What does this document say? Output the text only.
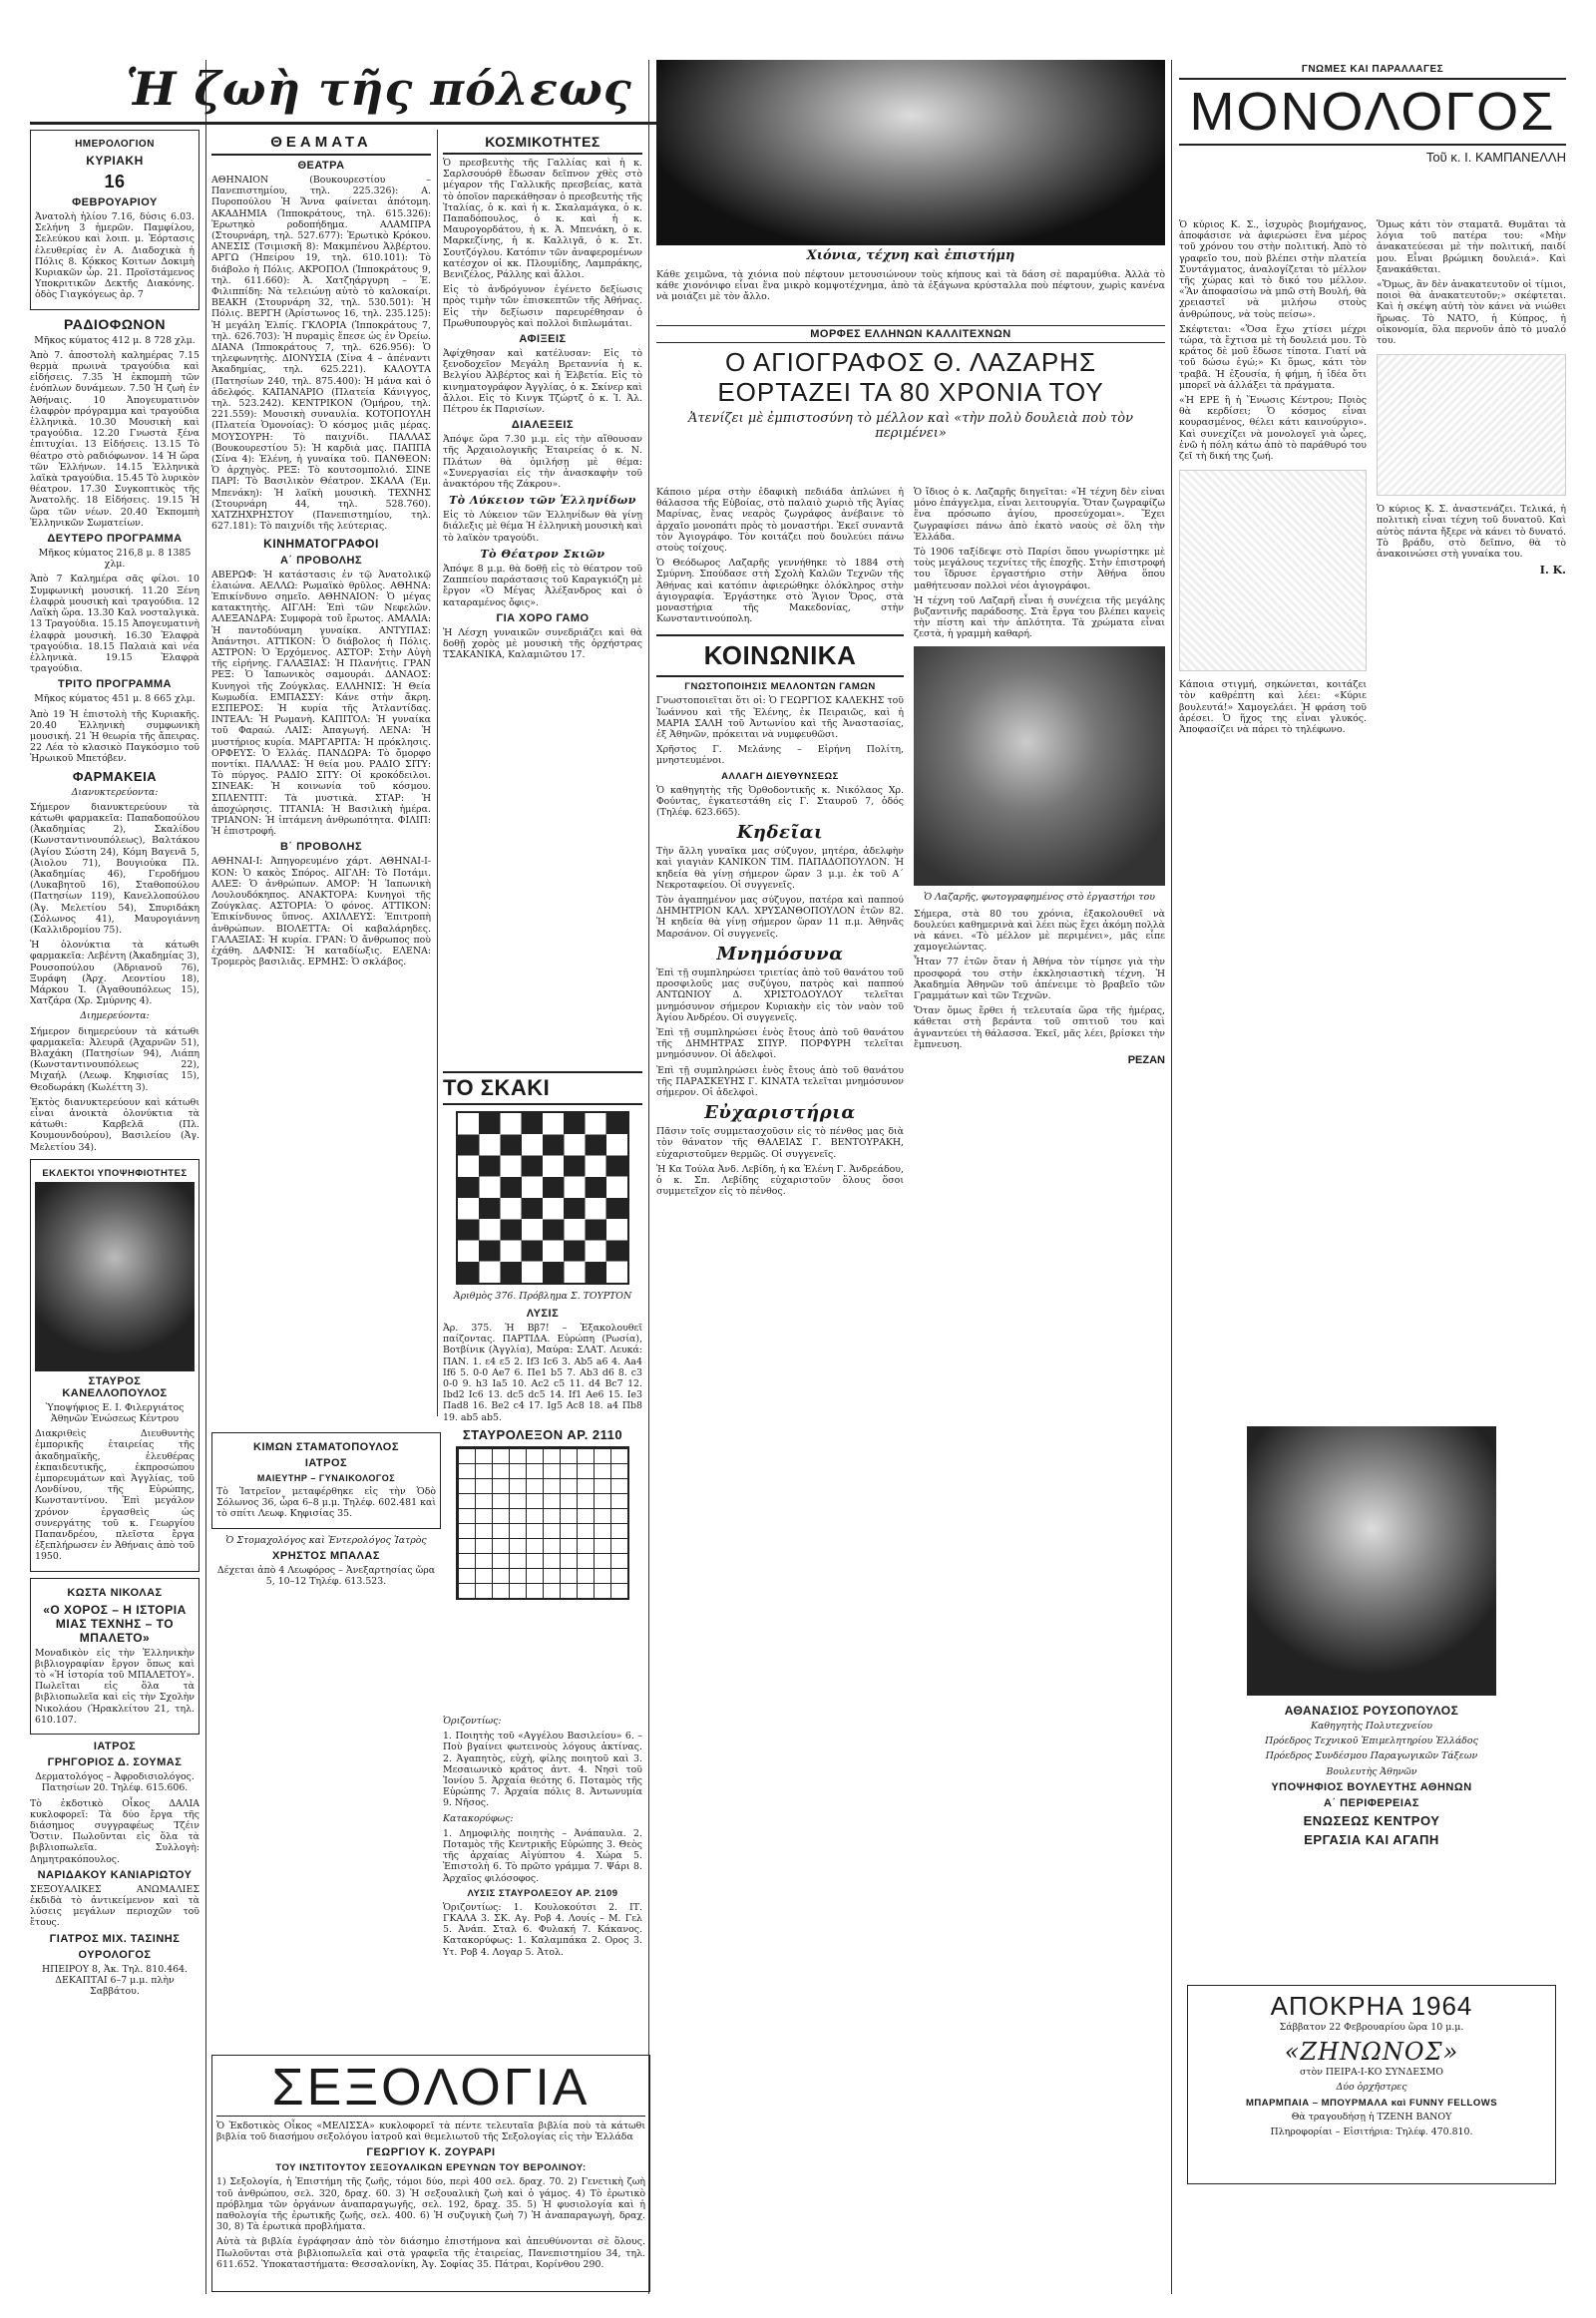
ΗΜΕΡΟΛΟΓΙΟΝ
ΚΥΡΙΑΚΗ
16
ΦΕΒΡΟΥΑΡΙΟΥ

Ἀνατολὴ ἡλίου 7.16, δύσις 6.03. Σελήνη 3 ἡμερῶν. Παμφίλου, Σελεύκου καὶ λοιπ. μ. Ἑόρτασις ἐλευθερίας ἐν Α. Διαδοχικὰ ἡ Πόλις 8. Κόκκος Κοιτων Δοκιμὴ Κυριακῶν ὦρ. 21. Προϊστάμενος Υποκριτικῶν Δεκτῆς Διακόνης. ὁδὸς Γιαγκόγεως ἀρ. 7

ΡΑΔΙΟΦΩΝΟΝ
Μῆκος κύματος 412 μ. 8 728 χλμ.

Ἀπὸ 7. ἀποστολὴ καλημέρας 7.15 θερμὰ πρωινὰ τραγούδια καὶ εἰδήσεις. 7.35 Ἡ ἐκπομπὴ τῶν ἐνόπλων δυνάμεων. 7.50 Ἡ ζωὴ ἐν Ἀθήναις. 10 Ἀπογευματινὸν ἐλαφρὸν πρόγραμμα καὶ τραγούδια ἑλληνικὰ. 10.30 Μουσικὴ καὶ τραγούδια. 12.20 Γνωστὰ ξένα ἐπιτυχίαι. 13 Εἰδήσεις. 13.15 Τὸ θέατρο στὸ ραδιόφωνον. 14 Ἡ ὥρα τῶν Ἑλλήνων. 14.15 Ἐλληνικὰ λαϊκὰ τραγούδια. 15.45 Τὸ λυρικὸν θέατρον. 17.30 Συγκοπτικὸς τῆς Ἀνατολῆς. 18 Εἰδήσεις. 19.15 Ἡ ὥρα τῶν νέων. 20.40 Ἐκπομπὴ Ἐλληνικῶν Σωματείων.

ΔΕΥΤΕΡΟ ΠΡΟΓΡΑΜΜΑ
Μῆκος κύματος 216,8 μ. 8 1385 χλμ.

Ἀπὸ 7 Καλημέρα σᾶς φίλοι. 10 Συμφωνικὴ μουσική. 11.20 Ξένη ἐλαφρὰ μουσικὴ καὶ τραγούδια. 12 Λαϊκὴ ὥρα. 13.30 Καλ νοσταλγικὰ. 13 Τραγούδια. 15.15 Ἀπογευματινὴ ἐλαφρὰ μουσικὴ. 16.30 Ἐλαφρὰ τραγούδια. 18.15 Παλαιὰ καὶ νέα ἑλληνικὰ. 19.15 Ἐλαφρὰ τραγούδια.

ΤΡΙΤΟ ΠΡΟΓΡΑΜΜΑ
Μῆκος κύματος 451 μ. 8 665 χλμ.

Ἀπὸ 19 Ἡ ἐπιστολὴ τῆς Κυριακῆς. 20.40 Ἑλληνικὴ συμφωνικὴ μουσική. 21 Ἡ θεωρία τῆς ἄπειρας. 22 Λέα τὸ κλασικὸ Παγκόσμιο τοῦ Ἡρωικοῦ Μπετόβεν.

ΦΑΡΜΑΚΕΙΑ
Διανυκτερεύοντα:

Σήμερον διανυκτερεύουν τὰ κάτωθι φαρμακεῖα: Παπαδοπούλου (Ἀκαδημίας 2), Σκαλίδου (Κωνσταντινουπόλεως), Βαλτάκου (Ἀγίου Σώστη 24), Κόμη Βαγενᾶ 5, (Ἀιολου 71), Βουγιούκα Πλ. (Ἀκαδημίας 46), Γεροδήμου (Λυκαβητοῦ 16), Σταθοπούλου (Πατησίων 119), Κανελλοπούλου (Ἀγ. Μελετίου 54), Σπυριδάκη (Σόλωνος 41), Μαυρογιάννη (Καλλιδρομίου 75).

Ἡ ὁλονύκτια τὰ κάτωθι φαρμακεῖα: Λεβέντη (Ἀκαδημίας 3), Ρουσοπούλου (Ἀδριανοῦ 76), Ξυράφη (Ἀρχ. Λεοντίου 18), Μάρκου Ἰ. (Ἀγαθουπόλεως 15), Χατζάρα (Χρ. Σμύρνης 4).

Διημερεύοντα:

Σήμερον διημερεύουν τὰ κάτωθι φαρμακεῖα: Ἀλευρᾶ (Ἀχαρνῶν 51), Βλαχάκη (Πατησίων 94), Λιάπη (Κωνσταντινουπόλεως 22), Μιχαήλ (Λεωφ. Κηφισίας 15), Θεοδωράκη (Κωλέττη 3).

Ἐκτὸς διανυκτερεύουν καὶ κάτωθι εἶναι ἀνοικτὰ ὁλονύκτια τὰ κάτωθι: Καρβελᾶ (Πλ. Κουμουνδούρου), Βασιλείου (Ἀγ. Μελετίου 34).

ΕΚΛΕΚΤΟΙ ΥΠΟΨΗΦΙΟΤΗΤΕΣ
ΣΤΑΥΡΟΣ ΚΑΝΕΛΛΟΠΟΥΛΟΣ
Ὑποψήφιος Ε. Ι. Φιλεργιάτος Ἀθηνῶν Ἐνώσεως Κέντρου

Διακριθεὶς Διευθυντὴς ἐμπορικῆς ἑταιρείας τῆς ἀκαδημαϊκῆς, ἐλευθέρας ἐκπαιδευτικῆς, ἐκπροσώπου ἐμπορευμάτων καὶ Ἀγγλίας, τοῦ Λονδίνου, τῆς Εὐρώπης, Κωνσταντίνου. Ἐπὶ μεγάλον χρόνον ἐργασθεὶς ὡς συνεργάτης τοῦ κ. Γεωργίου Παπανδρέου, πλεῖστα ἔργα ἐξεπλήρωσεν ἐν Ἀθήναις ἀπὸ τοῦ 1950.

ΚΩΣΤΑ ΝΙΚΟΛΑΣ
«Ο ΧΟΡΟΣ – Η ΙΣΤΟΡΙΑ ΜΙΑΣ ΤΕΧΝΗΣ – ΤΟ ΜΠΑΛΕΤΟ»

Μοναδικὸν εἰς τὴν Ἑλληνικὴν βιβλιογραφίαν ἔργον ὅπως καὶ τὸ «Ἡ ἱστορία τοῦ ΜΠΑΛΕΤΟΥ». Πωλεῖται εἰς ὅλα τὰ βιβλιοπωλεῖα καὶ εἰς τὴν Σχολὴν Νικολάου (Ἡρακλείτου 21, τηλ. 610.107.

ΙΑΤΡΟΣ
ΓΡΗΓΟΡΙΟΣ Δ. ΣΟΥΜΑΣ

Δερματολόγος – Ἀφροδισιολόγος. Πατησίων 20. Τηλέφ. 615.606.

Τὸ ἐκδοτικὸ Οἶκος ΔΑΛΙΑ κυκλοφορεῖ: Τὰ δύο ἔργα τῆς διάσημος συγγραφέως Τζέιν Ὄστιν. Πωλοῦνται εἰς ὅλα τὰ βιβλιοπωλεῖα. Συλλογὴ: Δημητρακόπουλος.

ΝΑΡΙΔΑΚΟΥ ΚΑΝΙΑΡΙΩΤΟΥ

ΣΕΞΟΥΑΛΙΚΕΣ ΑΝΩΜΑΛΙΕΣ ἐκδιδὰ τὸ ἀντικείμενον καὶ τὰ λύσεις μεγάλων περιοχῶν τοῦ ἔτους.

ΓΙΑΤΡΟΣ ΜΙΧ. ΤΑΣΙΝΗΣ
ΟΥΡΟΛΟΓΟΣ

ΗΠΕΙΡΟΥ 8, Ἀκ. Τηλ. 810.464. ΔΕΚΑΠΤΑΙ 6–7 μ.μ. πλὴν Σαββάτου.

Ἡ ζωὴ τῆς πόλεως
ΘΕΑΜΑΤΑ
ΘΕΑΤΡΑ

ΑΘΗΝΑΙΟΝ (Βουκουρεστίου – Πανεπιστημίου, τηλ. 225.326): Α. Πυροπούλου Ἡ Ἄννα φαίνεται ἀπότομη. ΑΚΑΔΗΜΙΑ (Ἱπποκράτους, τηλ. 615.326): Ἐρωτηκὸ ροδοπήδημα. ΑΛΑΜΠΡΑ (Στουρνάρη, τηλ. 527.677): Ἐρωτικὸ Κρόκου. ΑΝΕΣΙΣ (Τσιμισκῆ 8): Μακμπένου Ἀλβέρτου. ΑΡΓΩ (Ἠπείρου 19, τηλ. 610.101): Τὸ διάβολο ἡ Πόλις. ΑΚΡΟΠΟΛ (Ἱπποκράτους 9, τηλ. 611.660): Ἀ. Χατζηάργυρη – Ἐ. Φιλιππίδη: Νὰ τελειώνῃ αὐτὸ τὸ καλοκαίρι. ΒΕΑΚΗ (Στουρνάρη 32, τηλ. 530.501): Ἡ Πόλις. ΒΕΡΓΗ (Ἀρίστωνος 16, τηλ. 235.125): Ἡ μεγάλη Ἐλπίς. ΓΚΛΟΡΙΑ (Ἱπποκράτους 7, τηλ. 626.703): Ἡ πυραμὶς ἔπεσε ὡς ἐν Ὀρείω. ΔΙΑΝΑ (Ἱπποκράτους 7, τηλ. 626.956): Ὁ τηλεφωνητὴς. ΔΙΟΝΥΣΙΑ (Σίνα 4 – ἀπέναντι Ἀκαδημίας, τηλ. 625.221). ΚΑΛΟΥΤΑ (Πατησίων 240, τηλ. 875.400): Ἡ μάνα καὶ ὁ ἀδελφός. ΚΑΠΑΝΑΡΙΟ (Πλατεία Κάνιγγος, τηλ. 523.242). ΚΕΝΤΡΙΚΟΝ (Ὁμήρου, τηλ. 221.559): Μουσικὴ συναυλία. ΚΟΤΟΠΟΥΛΗ (Πλατεία Ὁμονοίας): Ὁ κόσμος μιᾶς μέρας. ΜΟΥΣΟΥΡΗ: Τὸ παιχνίδι. ΠΑΛΛΑΣ (Βουκουρεστίου 5): Ἡ καρδιὰ μας. ΠΑΠΠΑ (Σίνα 4): Ἑλένη, ἡ γυναίκα τοῦ. ΠΑΝΘΕΟΝ: Ὁ ἀρχηγὸς. ΡΕΞ: Τὸ κουτσομπολιό. ΣΙΝΕ ΠΑΡΙ: Τὸ Βασιλικὸν Θέατρον. ΣΚΑΛΑ (Ἐμ. Μπενάκη): Ἡ λαϊκὴ μουσικὴ. ΤΕΧΝΗΣ (Στουρνάρη 44, τηλ. 528.760). ΧΑΤΖΗΧΡΗΣΤΟΥ (Πανεπιστημίου, τηλ. 627.181): Τὸ παιχνίδι τῆς λεύτεριας.

ΚΙΝΗΜΑΤΟΓΡΑΦΟΙ
Α΄ ΠΡΟΒΟΛΗΣ

ΑΒΕΡΩΦ: Ἡ κατάστασις ἐν τῷ Ἀνατολικῷ ἐλαιώνα. ΑΕΛΛΩ: Ρωμαϊκὸ θρῦλος. ΑΘΗΝΑ: Ἐπικίνδυνο σημεῖο. ΑΘΗΝΑΙΟΝ: Ὁ μέγας κατακτητὴς. ΑΙΓΛΗ: Ἐπὶ τῶν Νεφελῶν. ΑΛΕΞΑΝΔΡΑ: Συμφορὰ τοῦ ἔρωτος. ΑΜΑΛΙΑ: Ἡ παντοδύναμη γυναίκα. ΑΝΤΥΠΑΣ: Ἀπάντησι. ΑΤΤΙΚΟΝ: Ὁ διάβολος ἡ Πόλις. ΑΣΤΡΟΝ: Ὁ Ἐρχόμενος. ΑΣΤΟΡ: Στὴν Αὐγὴ τῆς εἰρήνης. ΓΑΛΑΞΙΑΣ: Ἡ Πλανήτις. ΓΡΑΝ ΡΕΞ: Ὁ Ἰαπωνικὸς σαμουράι. ΔΑΝΑΟΣ: Κυνηγοὶ τῆς Ζούγκλας. ΕΛΛΗΝΙΣ: Ἡ Θεία Κωμωδία. ΕΜΠΑΣΣΥ: Κάνε στὴν ἄκρη. ΕΣΠΕΡΟΣ: Ἡ κυρία τῆς Ἀτλαντίδας. ΙΝΤΕΑΛ: Ἡ Ρωμανὴ. ΚΑΠΙΤΟΛ: Ἡ γυναίκα τοῦ Φαραώ. ΛΑΙΣ: Ἀπαγωγή. ΛΕΝΑ: Ἡ μυστήριος κυρία. ΜΑΡΓΑΡΙΤΑ: Ἡ πρόκλησις. ΟΡΦΕΥΣ: Ὁ Ἑλλάς. ΠΑΝΔΩΡΑ: Τὸ ὄμορφο ποντίκι. ΠΑΛΛΑΣ: Ἡ θεία μου. ΡΑΔΙΟ ΣΙΤΥ: Τὸ πύργος. ΡΑΔΙΟ ΣΙΤΥ: Οἱ κροκόδειλοι. ΣΙΝΕΑΚ: Ἡ κοινωνία τοῦ κόσμου. ΣΠΛΕΝΤΙΤ: Τὰ μυστικὰ. ΣΤΑΡ: Ἡ ἀποχώρησις. ΤΙΤΑΝΙΑ: Ἡ Βασιλικὴ ἡμέρα. ΤΡΙΑΝΟΝ: Ἡ ἰπτάμενη ἀνθρωπότητα. ΦΙΛΙΠ: Ἡ ἐπιστροφή.

Β΄ ΠΡΟΒΟΛΗΣ

ΑΘΗΝΑΙ-Ι: Ἀπηγορευμένο χάρτ. ΑΘΗΝΑΙ-Ι-ΚΟΝ: Ὁ κακὸς Σπόρος. ΑΙΓΛΗ: Τὸ Ποτάμι. ΑΛΕΞ: Ὁ ἀνθρώπων. ΑΜΟΡ: Ἡ Ἰαπωνικὴ Λουλουδόκηπος. ΑΝΑΚΤΟΡΑ: Κυνηγοὶ τῆς Ζούγκλας. ΑΣΤΟΡΙΑ: Ὁ φόνος. ΑΤΤΙΚΟΝ: Ἐπικίνδυνος ὕπνος. ΑΧΙΛΛΕΥΣ: Ἐπιτροπὴ ἀνθρώπων. ΒΙΟΛΕΤΤΑ: Οἱ καβαλάρηδες. ΓΑΛΑΞΙΑΣ: Ἡ κυρία. ΓΡΑΝ: Ὁ ἄνθρωπος ποὺ ἐχάθη. ΔΑΦΝΙΣ: Ἡ καταδίωξις. ΕΛΕΝΑ: Τρομερὸς βασιλιᾶς. ΕΡΜΗΣ: Ὁ σκλάβος.

ΚΟΣΜΙΚΟΤΗΤΕΣ

Ὁ πρεσβευτὴς τῆς Γαλλίας καὶ ἡ κ. Σαρλσουόρθ ἔδωσαν δεῖπνον χθὲς στὸ μέγαρον τῆς Γαλλικῆς πρεσβείας, κατὰ τὸ ὁποῖον παρεκάθησαν ὁ πρεσβευτὴς τῆς Ἰταλίας, ὁ κ. καὶ ἡ κ. Σκαλαμάγκα, ὁ κ. Παπαδόπουλος, ὁ κ. καὶ ἡ κ. Μαυρογορδάτου, ἡ κ. Ἀ. Μπενάκη, ὁ κ. Μαρκεζίνης, ἡ κ. Καλλιγᾶ, ὁ κ. Στ. Σουτζόγλου. Κατόπιν τῶν ἀναφερομένων κατέσχον οἱ κκ. Πλουμίδης, Λαμπράκης, Βενιζέλος, Ράλλης καὶ ἄλλοι.

Εἰς τὸ ἀνδρόγυνον ἐγένετο δεξίωσις πρὸς τιμὴν τῶν ἐπισκεπτῶν τῆς Ἀθήνας. Εἰς τὴν δεξίωσιν παρευρέθησαν ὁ Πρωθυπουργὸς καὶ πολλοὶ διπλωμάται.

ΑΦΙΞΕΙΣ

Ἀφίχθησαν καὶ κατέλυσαν: Εἰς τὸ ξενοδοχεῖον Μεγάλη Βρεταννία ἡ κ. Βελγίου Ἀλβέρτος καὶ ἡ Ἑλβετία. Εἰς τὸ κινηματογράφον Ἀγγλίας, ὁ κ. Σκίνερ καὶ ἄλλοι. Εἰς τὸ Κινγκ Τζώρτζ ὁ κ. Ἰ. Ἀλ. Πέτρου ἐκ Παρισίων.

ΔΙΑΛΕΞΕΙΣ

Ἀπόψε ὥρα 7.30 μ.μ. εἰς τὴν αἴθουσαν τῆς Ἀρχαιολογικῆς Ἑταιρείας ὁ κ. Ν. Πλάτων θὰ ὁμιλήσῃ μὲ θέμα: «Συνεργασίαι εἰς τὴν ἀνασκαφὴν τοῦ ἀνακτόρου τῆς Ζάκρου».

Τὸ Λύκειον τῶν Ἑλληνίδων

Εἰς τὸ Λύκειον τῶν Ἑλληνίδων θὰ γίνῃ διάλεξις μὲ θέμα Ἡ ἑλληνικὴ μουσικὴ καὶ τὸ λαϊκὸν τραγούδι.

Τὸ Θέατρον Σκιῶν

Ἀπόψε 8 μ.μ. θὰ δοθῇ εἰς τὸ θέατρον τοῦ Ζαππείου παράστασις τοῦ Καραγκιόζη μὲ ἔργον «Ὁ Μέγας Ἀλέξανδρος καὶ ὁ καταραμένος ὄφις».

ΓΙΑ ΧΟΡΟ ΓΑΜΟ

Ἡ Λέσχη γυναικῶν συνεδριάζει καὶ θὰ δοθῇ χορὸς μὲ μουσικὴ τῆς ὀρχήστρας ΤΣΑΚΑΝΙΚΑ, Καλαμιῶτου 17.

ΤΟ ΣΚΑΚΙ
Ἀριθμὸς 376. Πρόβλημα Σ. ΤΟΥΡΤΟΝ
ΛΥΣΙΣ

Ἀρ. 375. Ἡ Ββ7! – Ἐξακολουθεῖ παίζοντας. ΠΑΡΤΙΔΑ. Εὐρώπη (Ρωσία), Βοτβίνικ (Ἀγγλία), Μαύρα: ΣΛΑΤ. Λευκά: ΠΑΝ. 1. ε4 ε5 2. Ιf3 Ιc6 3. Αb5 a6 4. Αa4 Ιf6 5. 0-0 Αe7 6. Πe1 b5 7. Αb3 d6 8. c3 0-0 9. h3 Ιa5 10. Αc2 c5 11. d4 Βc7 12. Ιbd2 Ιc6 13. dc5 dc5 14. Ιf1 Αe6 15. Ιe3 Πad8 16. Βe2 c4 17. Ιg5 Αc8 18. a4 Πb8 19. ab5 ab5.

ΣΤΑΥΡΟΛΕΞΟΝ ΑΡ. 2110
Ὁριζοντίως:

1. Ποιητὴς τοῦ «Αγγέλου Βασιλείου» 6. – Ποὺ βγαίνει φωτεινοὺς λόγους ἀκτίνας. 2. Ἀγαπητὸς, εὐχὴ, φίλης ποιητοῦ καὶ 3. Μεσαιωνικὸ κράτος ἀντ. 4. Νησὶ τοῦ Ἰονίου 5. Ἀρχαία θεότης 6. Ποταμὸς τῆς Εὐρώπης 7. Ἀρχαία πόλις 8. Ἀντωνυμία 9. Νῆσος.

Κατακορύφως:

1. Δημοφιλὴς ποιητὴς – Ἀνάπαυλα. 2. Ποταμὸς τῆς Κεντρικῆς Εὐρώπης 3. Θεὸς τῆς ἀρχαίας Αἰγύπτου 4. Χώρα 5. Ἐπιστολὴ 6. Τὸ πρῶτο γράμμα 7. Ψάρι 8. Ἀρχαῖος φιλόσοφος.

ΛΥΣΙΣ ΣΤΑΥΡΟΛΕΞΟΥ ΑΡ. 2109

Ὁριζοντίως: 1. Κουλοκούτσι 2. ΙΤ. ΓΚΑΛΑ 3. ΣΚ. Αγ. Ροβ 4. Λουίς – Μ. Γελ 5. Ἀνάπ. Σταλ 6. Φυλακή 7. Κάκανος. Κατακορύφως: 1. Καλαμπάκα 2. Ορος 3. Υτ. Ροβ 4. Λογαρ 5. Ἀτολ.

ΚΙΜΩΝ ΣΤΑΜΑΤΟΠΟΥΛΟΣ
ΙΑΤΡΟΣ
ΜΑΙΕΥΤΗΡ – ΓΥΝΑΙΚΟΛΟΓΟΣ

Τὸ Ἰατρεῖον μεταφέρθηκε εἰς τὴν Ὁδὸ Σόλωνος 36, ὧρα 6–8 μ.μ. Τηλέφ. 602.481 καὶ τὸ σπίτι Λεωφ. Κηφισίας 35.

Ὁ Στομαχολόγος καὶ Ἐντερολόγος Ἰατρὸς
ΧΡΗΣΤΟΣ ΜΠΑΛΑΣ

Δέχεται ἀπὸ 4 Λεωφόρος – Ἀνεξαρτησίας ὥρα 5, 10–12 Τηλέφ. 613.523.

ΣΕΞΟΛΟΓΙΑ

Ὁ Ἐκδοτικὸς Οἶκος «ΜΕΛΙΣΣΑ» κυκλοφορεῖ τὰ πέντε τελευταῖα βιβλία ποὺ τὰ κάτωθι βιβλία τοῦ διασήμου σεξολόγου ἰατροῦ καὶ θεμελιωτοῦ τῆς Σεξολογίας εἰς τὴν Ἑλλάδα

ΓΕΩΡΓΙΟΥ Κ. ΖΟΥΡΑΡΙ
ΤΟΥ ΙΝΣΤΙΤΟΥΤΟΥ ΣΕΞΟΥΑΛΙΚΩΝ ΕΡΕΥΝΩΝ ΤΟΥ ΒΕΡΟΛΙΝΟΥ:

1) Σεξολογία, ἡ Ἐπιστήμη τῆς ζωῆς, τόμοι δύο, περὶ 400 σελ. δραχ. 70. 2) Γενετικὴ ζωὴ τοῦ ἀνθρώπου, σελ. 320, δραχ. 60. 3) Ἡ σεξουαλικὴ ζωὴ καὶ ὁ γάμος. 4) Τὸ ἐρωτικὸ πρόβλημα τῶν ὀργάνων ἀναπαραγωγῆς, σελ. 192, δραχ. 35. 5) Ἡ φυσιολογία καὶ ἡ παθολογία τῆς ἐρωτικῆς ζωῆς, σελ. 400. 6) Ἡ συζυγικὴ ζωὴ 7) Ἡ ἀναπαραγωγὴ, δραχ. 30, 8) Τὰ ἐρωτικὰ προβλήματα.

Αὐτὰ τὰ βιβλία ἐγράφησαν ἀπὸ τὸν διάσημο ἐπιστήμονα καὶ ἀπευθύνονται σὲ ὅλους. Πωλοῦνται στὰ βιβλιοπωλεῖα καὶ στὰ γραφεῖα τῆς ἑταιρείας, Πανεπιστημίου 34, τηλ. 611.652. Ὑποκαταστήματα: Θεσσαλονίκη, Ἀγ. Σοφίας 35. Πάτραι, Κορίνθου 290.

Χιόνια, τέχνη καὶ ἐπιστήμη

Κάθε χειμῶνα, τὰ χιόνια ποὺ πέφτουν μετουσιώνουν τοὺς κήπους καὶ τὰ δάση σὲ παραμύθια. Ἀλλὰ τὸ κάθε χιονόνιφο εἶναι ἕνα μικρὸ κομψοτέχνημα, ἀπὸ τὰ ἑξάγωνα κρύσταλλα ποὺ πέφτουν, χωρὶς κανένα νὰ μοιάζει μὲ τὸν ἄλλο.

ΜΟΡΦΕΣ ΕΛΛΗΝΩΝ ΚΑΛΛΙΤΕΧΝΩΝ
Ο ΑΓΙΟΓΡΑΦΟΣ Θ. ΛΑΖΑΡΗΣ ΕΟΡΤΑΖΕΙ ΤΑ 80 ΧΡΟΝΙΑ ΤΟΥ
Ἀτενίζει μὲ ἐμπιστοσύνη τὸ μέλλον καὶ «τὴν πολὺ δουλειὰ ποὺ τὸν περιμένει»

Κάποιο μέρα στὴν ἐδαφικὴ πεδιάδα ἀπλώνει ἡ θάλασσα τῆς Εὐβοίας, στὸ παλαιὸ χωριὸ τῆς Ἁγίας Μαρίνας, ἔνας νεαρὸς ζωγράφος ἀνέβαινε τὸ ἀρχαῖο μονοπάτι πρὸς τὸ μοναστήρι. Ἐκεῖ συναντᾶ τὸν Ἀγιογράφο. Τὸν κοιτάζει ποὺ δουλεύει πάνω στοὺς τοίχους.

Ὁ Θεόδωρος Λαζαρῆς γεννήθηκε τὸ 1884 στὴ Σμύρνη. Σπούδασε στὴ Σχολὴ Καλῶν Τεχνῶν τῆς Ἀθήνας καὶ κατόπιν ἀφιερώθηκε ὁλόκληρος στὴν ἁγιογραφία. Ἐργάστηκε στὸ Ἅγιον Ὄρος, στὰ μοναστήρια τῆς Μακεδονίας, στὴν Κωνσταντινούπολη.

ΚΟΙΝΩΝΙΚΑ
ΓΝΩΣΤΟΠΟΙΗΣΙΣ ΜΕΛΛΟΝΤΩΝ ΓΑΜΩΝ

Γνωστοποιεῖται ὅτι οἱ: Ὁ ΓΕΩΡΓΙΟΣ ΚΑΛΕΚΗΣ τοῦ Ἰωάννου καὶ τῆς Ἑλένης, ἐκ Πειραιῶς, καὶ ἡ ΜΑΡΙΑ ΣΑΛΗ τοῦ Ἀντωνίου καὶ τῆς Ἀναστασίας, ἐξ Ἀθηνῶν, πρόκειται νὰ νυμφευθῶσι.

Χρῆστος Γ. Μελάνης – Εἰρήνη Πολίτη, μνηστευμένοι.

ΑΛΛΑΓΗ ΔΙΕΥΘΥΝΣΕΩΣ

Ὁ καθηγητὴς τῆς Ὀρθοδοντικῆς κ. Νικόλαος Χρ. Φούντας, ἐγκατεστάθη εἰς Γ. Σταυροῦ 7, ὁδός (Τηλέφ. 623.665).

Κηδεῖαι

Τὴν ἄλλη γυναῖκα μας σύζυγον, μητέρα, ἀδελφὴν καὶ γιαγιὰν ΚΑΝΙΚΟΝ ΤΙΜ. ΠΑΠΑΔΟΠΟΥΛΟΝ. Ἡ κηδεία θὰ γίνῃ σήμερον ὥραν 3 μ.μ. ἐκ τοῦ Α΄ Νεκροταφείου. Οἱ συγγενεῖς.

Τὸν ἀγαπημένον μας σύζυγον, πατέρα καὶ παππού ΔΗΜΗΤΡΙΟΝ ΚΑΛ. ΧΡΥΣΑΝΘΟΠΟΥΛΟΝ ἐτῶν 82. Ἡ κηδεία θὰ γίνῃ σήμερον ὥραν 11 π.μ. Ἀθηνᾶς Μαρσάνον. Οἱ συγγενεῖς.

Μνημόσυνα

Ἐπὶ τῇ συμπληρώσει τριετίας ἀπὸ τοῦ θανάτου τοῦ προσφιλοῦς μας συζύγου, πατρὸς καὶ παππού ΑΝΤΩΝΙΟΥ Δ. ΧΡΙΣΤΟΔΟΥΛΟΥ τελεῖται μνημόσυνον σήμερον Κυριακὴν εἰς τὸν ναὸν τοῦ Ἁγίου Ἀνδρέου. Οἱ συγγενεῖς.

Ἐπὶ τῇ συμπληρώσει ἑνὸς ἔτους ἀπὸ τοῦ θανάτου τῆς ΔΗΜΗΤΡΑΣ ΣΠΥΡ. ΠΟΡΦΥΡΗ τελεῖται μνημόσυνον. Οἱ ἀδελφοὶ.

Ἐπὶ τῇ συμπληρώσει ἑνὸς ἔτους ἀπὸ τοῦ θανάτου τῆς ΠΑΡΑΣΚΕΥΗΣ Γ. ΚΙΝΑΤΑ τελεῖται μνημόσυνον σήμερον. Οἱ ἀδελφοὶ.

Εὐχαριστήρια

Πᾶσιν τοῖς συμμετασχοῦσιν εἰς τὸ πένθος μας διὰ τὸν θάνατον τῆς ΘΑΛΕΙΑΣ Γ. ΒΕΝΤΟΥΡΑΚΗ, εὐχαριστοῦμεν θερμῶς. Οἱ συγγενεῖς.

Ἡ Κα Τούλα Ἀνδ. Λεβίδη, ἡ κα Ἑλένη Γ. Ἀνδρεάδου, ὁ κ. Σπ. Λεβίδης εὐχαριστοῦν ὅλους ὅσοι συμμετεῖχον εἰς τὸ πένθος.

Ὁ ἴδιος ὁ κ. Λαζαρῆς διηγεῖται: «Ἡ τέχνη δὲν εἶναι μόνο ἐπάγγελμα, εἶναι λειτουργία. Ὅταν ζωγραφίζω ἕνα πρόσωπο ἁγίου, προσεύχομαι». Ἔχει ζωγραφίσει πάνω ἀπὸ ἑκατὸ ναοὺς σὲ ὅλη τὴν Ἑλλάδα.

Τὸ 1906 ταξίδεψε στὸ Παρίσι ὅπου γνωρίστηκε μὲ τοὺς μεγάλους τεχνίτες τῆς ἐποχῆς. Στὴν ἐπιστροφή του ἵδρυσε ἐργαστήριο στὴν Ἀθήνα ὅπου μαθήτευσαν πολλοὶ νέοι ἁγιογράφοι.

Ἡ τέχνη τοῦ Λαζαρῆ εἶναι ἡ συνέχεια τῆς μεγάλης βυζαντινῆς παράδοσης. Στὰ ἔργα του βλέπει κανεὶς τὴν πίστη καὶ τὴν ἁπλότητα. Τὰ χρώματα εἶναι ζεστὰ, ἡ γραμμὴ καθαρή.

Ὁ Λαζαρῆς, φωτογραφημένος στὸ ἐργαστήρι του

Σήμερα, στὰ 80 του χρόνια, ἐξακολουθεῖ νὰ δουλεύει καθημερινὰ καὶ λέει πὼς ἔχει ἀκόμη πολλὰ νὰ κάνει. «Τὸ μέλλον μὲ περιμένει», μᾶς εἶπε χαμογελώντας.

Ἦταν 77 ἐτῶν ὅταν ἡ Ἀθήνα τὸν τίμησε γιὰ τὴν προσφορά του στὴν ἐκκλησιαστικὴ τέχνη. Ἡ Ἀκαδημία Ἀθηνῶν τοῦ ἀπένειμε τὸ βραβεῖο τῶν Γραμμάτων καὶ τῶν Τεχνῶν.

Ὅταν ὅμως ἔρθει ἡ τελευταία ὥρα τῆς ἡμέρας, κάθεται στὴ βεράντα τοῦ σπιτιοῦ του καὶ ἀγναντεύει τὴ θάλασσα. Ἐκεῖ, μᾶς λέει, βρίσκει τὴν ἔμπνευση.

ΡΕΖΑΝ
ΓΝΩΜΕΣ ΚΑΙ ΠΑΡΑΛΛΑΓΕΣ
ΜΟΝΟΛΟΓΟΣ
Τοῦ κ. Ι. ΚΑΜΠΑΝΕΛΛΗ

Ὁ κύριος Κ. Σ., ἰσχυρὸς βιομήχανος, ἀποφάσισε νὰ ἀφιερώσει ἕνα μέρος τοῦ χρόνου του στὴν πολιτική. Ἀπὸ τὸ γραφεῖο του, ποὺ βλέπει στὴν πλατεία Συντάγματος, ἀναλογίζεται τὸ μέλλον τῆς χώρας καὶ τὸ δικό του μέλλον. «Ἂν ἀποφασίσω νὰ μπῶ στὴ Βουλή, θὰ χρειαστεῖ νὰ μιλήσω στοὺς ἀνθρώπους, νὰ τοὺς πείσω».

Σκέφτεται: «Ὅσα ἔχω χτίσει μέχρι τώρα, τὰ ἔχτισα μὲ τὴ δουλειά μου. Τὸ κράτος δὲ μοῦ ἔδωσε τίποτα. Γιατί νὰ τοῦ δώσω ἐγώ;» Κι ὅμως, κάτι τὸν τραβᾶ. Ἡ ἐξουσία, ἡ φήμη, ἡ ἰδέα ὅτι μπορεῖ νὰ ἀλλάξει τὰ πράγματα.

«Ἡ ΕΡΕ ἢ ἡ Ἕνωσις Κέντρου; Ποιὸς θὰ κερδίσει; Ὁ κόσμος εἶναι κουρασμένος, θέλει κάτι καινούργιο». Καὶ συνεχίζει νὰ μονολογεῖ γιὰ ὧρες, ἐνῶ ἡ πόλη κάτω ἀπὸ τὸ παράθυρό του ζεῖ τὴ δική της ζωή.

Κάποια στιγμή, σηκώνεται, κοιτάζει τὸν καθρέπτη καὶ λέει: «Κύριε βουλευτά!» Χαμογελάει. Ἡ φράση τοῦ ἀρέσει. Ὁ ἥχος της εἶναι γλυκός. Ἀποφασίζει νὰ πάρει τὸ τηλέφωνο.

Ὅμως κάτι τὸν σταματᾶ. Θυμᾶται τὰ λόγια τοῦ πατέρα του: «Μὴν ἀνακατεύεσαι μὲ τὴν πολιτική, παιδί μου. Εἶναι βρώμικη δουλειά». Καὶ ξανακάθεται.

«Ὅμως, ἂν δὲν ἀνακατευτοῦν οἱ τίμιοι, ποιοὶ θὰ ἀνακατευτοῦν;» σκέφτεται. Καὶ ἡ σκέψη αὐτὴ τὸν κάνει νὰ νιώθει ἥρωας. Τὸ ΝΑΤΟ, ἡ Κύπρος, ἡ οἰκονομία, ὅλα περνοῦν ἀπὸ τὸ μυαλό του.

Ὁ κύριος Κ. Σ. ἀναστενάζει. Τελικά, ἡ πολιτικὴ εἶναι τέχνη τοῦ δυνατοῦ. Καὶ αὐτὸς πάντα ἤξερε νὰ κάνει τὸ δυνατό. Τὸ βράδυ, στὸ δεῖπνο, θὰ τὸ ἀνακοινώσει στὴ γυναίκα του.

Ι. Κ.
ΑΘΑΝΑΣΙΟΣ ΡΟΥΣΟΠΟΥΛΟΣ
Καθηγητὴς Πολυτεχνείου
Πρόεδρος Τεχνικοῦ Ἐπιμελητηρίου Ἑλλάδος
Πρόεδρος Συνδέσμου Παραγωγικῶν Τάξεων
Βουλευτὴς Ἀθηνῶν
ΥΠΟΨΗΦΙΟΣ ΒΟΥΛΕΥΤΗΣ ΑΘΗΝΩΝ
Α΄ ΠΕΡΙΦΕΡΕΙΑΣ
ΕΝΩΣΕΩΣ ΚΕΝΤΡΟΥ
ΕΡΓΑΣΙΑ ΚΑΙ ΑΓΑΠΗ
ΑΠΟΚΡΗΑ 1964
Σάββατον 22 Φεβρουαρίου ὥρα 10 μ.μ.
«ΖΗΝΩΝΟΣ»
στὸν ΠΕΙΡΑ-Ι-ΚΟ ΣΥΝΔΕΣΜΟ
Δύο ὀρχῆστρες
ΜΠΑΡΜΠΑΙΑ – ΜΠΟΥΡΜΑΛΑ καὶ FUNNY FELLOWS
Θὰ τραγουδήσῃ ἡ ΤΖΕΝΗ ΒΑΝΟΥ
Πληροφορίαι – Εἰσιτήρια: Τηλέφ. 470.810.
